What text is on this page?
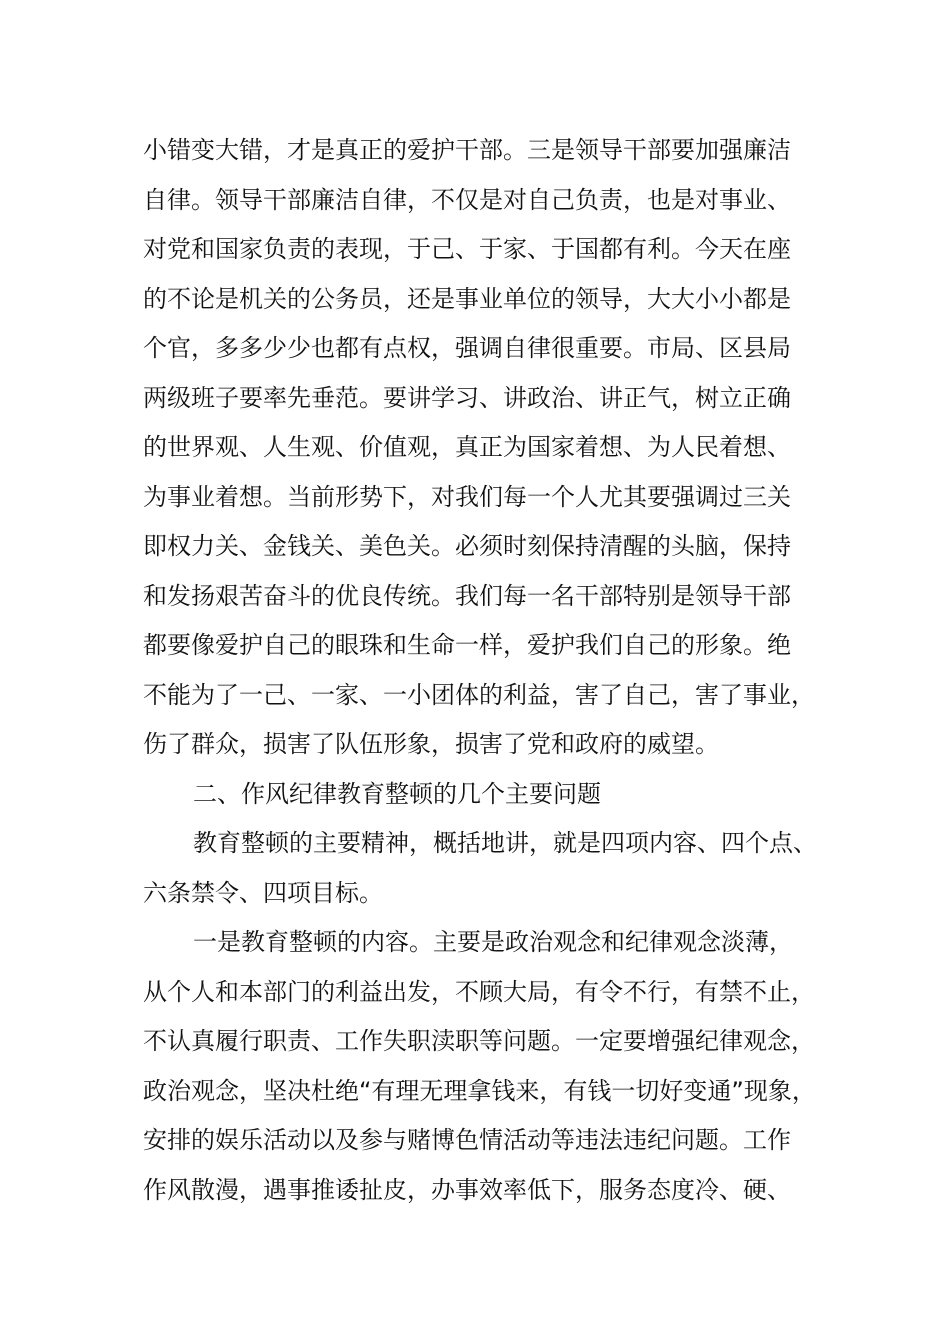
小错变大错，才是真正的爱护干部。三是领导干部要加强廉洁
自律。领导干部廉洁自律，不仅是对自己负责，也是对事业、
对党和国家负责的表现，于己、于家、于国都有利。今天在座
的不论是机关的公务员，还是事业单位的领导，大大小小都是
个官，多多少少也都有点权，强调自律很重要。市局、区县局
两级班子要率先垂范。要讲学习、讲政治、讲正气，树立正确
的世界观、人生观、价值观，真正为国家着想、为人民着想、
为事业着想。当前形势下，对我们每一个人尤其要强调过三关
即权力关、金钱关、美色关。必须时刻保持清醒的头脑，保持
和发扬艰苦奋斗的优良传统。我们每一名干部特别是领导干部
都要像爱护自己的眼珠和生命一样，爱护我们自己的形象。绝
不能为了一己、一家、一小团体的利益，害了自己，害了事业，
伤了群众，损害了队伍形象，损害了党和政府的威望。
二、作风纪律教育整顿的几个主要问题
教育整顿的主要精神，概括地讲，就是四项内容、四个点、
六条禁令、四项目标。
一是教育整顿的内容。主要是政治观念和纪律观念淡薄，
从个人和本部门的利益出发，不顾大局，有令不行，有禁不止，
不认真履行职责、工作失职渎职等问题。一定要增强纪律观念，
政治观念，坚决杜绝“有理无理拿钱来，有钱一切好变通”现象，
安排的娱乐活动以及参与赌博色情活动等违法违纪问题。工作
作风散漫，遇事推诿扯皮，办事效率低下，服务态度冷、硬、
